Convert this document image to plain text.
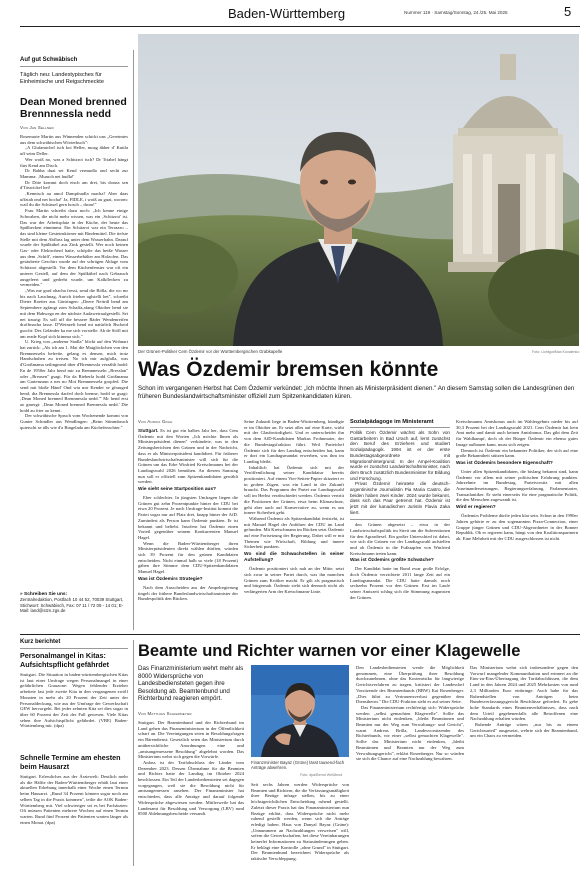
Baden-Württemberg	Nummer 119 · Samstag/Sonntag, 24./25. Mai 2025	5
Auf gut Schwäbisch
Täglich neu: Landestypisches für Einheimische und Reigschmeckte
Dean Moned brenned Brennnessla nedd
Von Jan Sellner

Rosemarie Martin aus Winnenden schickt uns „Gereimtes aus dem schwäbischen Wörterbuch":

„A Glufamichel isch koi Heller, moag äbber d' Kuttla uff seim Deller.

Wer woiß no, was a Schitzroi isch? Dr Triabel hängt fürs Kend am Disch.

Dr Babba duat sei Kend vermudla ond secht zur Mamma: ‚Muasch net hudla!'

Dr Döte kommt doch eisch am drei, bis doona sen d'Täswickel bei!

‚Kenntsch au amol Dampfnudla macha? Aber daas uffziah ond net bocha!' Ja, FIDLE, i woiß au guat, worom: wail du die Schüssel gern hosch – drom!"

Frau Martin schreibt dazu noch: „Ich kenne einige Schwaben, die nicht mehr wissen, was ein ‚Schitzroi' ist. Das war der Arbeitsplatz in der Küche, der heute das Spülbecken einnimmt. Ein Schitzroi war ein Terrazzo – das sind kleine Gesteinskörner mit Bindemittel. Die tiefste Stelle mit dem Abfluss lag unter dem Wasserhahn. Darauf wurde der Spülkübel aus Zink gestellt. Wer noch keinen Gas- oder Elektroherd hatte, schöpfte das heiße Wasser aus dem ‚Schiff', einem Wasserbehälter am Holzofen. Das gesäuberte Geschirr wurde auf der schrägen Ablage vom Schitzroi abgestellt. Vor dem Küchenfenster war oft ein unterer Gestell, auf dem der Spülkübel nach Gebrauch ausgeleert und gedreht wurde, um Kalkflecken zu vermeiden."

„Was me grad ohacha fresst, send die Bölla, die wo mr bis nach Lauchnag, Aurich frieher aglstellt het", schreibt Dieter Roetter aus Gärtringen: „Deere Neitriß bend am Septembere agfangt zom Schaffa,afang Oktober hend sie mit dem Habwega en der nächste Audaweiraufgestellt. Sei net traurig: Es soll uff die bessere Räder Wendenreifen droffmacha lasse. D'Weinzelt hend mi natürlich Bscheid gsocht: Des Geländer ka me sich vorstelle. Ab de Stöfl mit am reade Kopf sich kiimma sich."

U. Krieg von „andermr Stadla" blickt auf den Wohnart hat zurück: „Als ich am 1. Mai die Maiglöckchen von den Brennnesseln befreite, gelang es densen, mich trotz Handschuhen zu treisen. No ich mir aufgfalla, was d'Großmama seilingmeal über d'Brennessla verzählt hodd: En de 1950er Jahr hend mir zu Brennnesseln „Bresslan" oder „Breasen" gsagt. Für da Bieberla hodd Großmama am Gartenzaun a nes no Moi Brennnessela gropfed. Die send mit bloße Händ' Ond wia mir Kender se gfrauged hend, dia Brennessla darfed doch brenne, hodd se gsagt: ‚Dean Moned brenned Brennnessla nedd.'" Mr hend erst ao gmergt: ‚Dean Moned brenned Brennessla nedd.' Die hodd au frier ao kennt.

Der schwäbische Spruch vom Wochenende kommt von Gunter Schindler aus Wendlingen: „Beim Stimmbruch quietscht se älls wie d'a Ringelada am Küchefenschter."

» Schreiben Sie uns:
Zentralredaktion, Postfach 10 44 52, 70039 Stuttgart, Stichwort: Schwäbisch, Fax: 07 11 / 72 05 - 14 01; E-Mail: land@stzn.zgs.de
Der Grünen-Politiker Cem Özdemir vor der Württembergischen Grabkapelle	Foto: Lichtgut/Max Kovalenko
Was Özdemir bremsen könnte
Schon im vergangenen Herbst hat Cem Özdemir verkündet: „Ich möchte Ihnen als Ministerpräsident dienen." An diesem Samstag sollen die Landesgrünen den früheren Bundeslandwirtschaftsminister offiziell zum Spitzenkandidaten küren.
Von Annika Grah

Stuttgart. Es ist gut ein halbes Jahr her, dass Cem Özdemir mit den Worten „Ich möchte Ihnen als Ministerpräsident dienen" verkündete, was in den Zeitungsberichten den Grünen und in der Nachricht, dass er als Ministerpräsident kandidiert. Für früherer Bundeslandwirtschaftsminister will sich für die Grünen um das Erbe Winfried Kretschmanns bei der Landtagswahl 2026 bemühen. An diesem Samstag nun soll er offiziell zum Spitzenkandidaten gewählt werden.

Wie sieht seine Startposition aus?

Eher schlechter. In jüngsten Umfragen liegen die Grünen gut zehn Prozentpunkte hinter der CDU bei etwa 20 Prozent. Je nach Umfrage-Institut kommt die Partei sogar nur auf Platz drei, knapp hinter der AfD. Zumindest als Person kann Özdemir punkten. Er ist bekannt und beliebt. Insofern hat Özdemir einen Vorteil gegenüber seinem Konkurrenten Manuel Hagel.

Wenn die Baden-Württemberger ihren Ministerpräsidenten direkt wählen dürften, würden sich 39 Prozent für den grünen Kandidaten entscheiden. Nicht einmal halb so viele (18 Prozent) gäben ihre Stimme dem CDU-Spitzenkandidaten Manuel Hagel.

Was ist Özdemirs Strategie?

Nach dem Ausscheiden aus der Ampelregierung tingelt der frühere Bundeslandwirtschaftsminister der Bundespolitik den Rücken.

Seine Zukunft liege in Baden-Württemberg, kündigte er im Oktober an. Er setzt alles auf eine Karte, wirbt mit der Glaubwürdigkeit. Und er unterscheidet ihn von dem AfD-Kandidaten Markus Frohnmaier, der die Bundestagsfraktion führt. Weil Parteichef Özdemir sich für den Landtag entscheiden hat, kann er dort ein Landtagsmandat erwerben, was ihm im Landtag bleibt.

Inhaltlich hat Özdemir sich mit der Veröffentlichung seiner Kandidatur bereits positioniert. Auf einem Vier-Seiten-Papier skizziert er in groben Zügen, was ein Land in der Zukunft braucht. Das Programm der Partei zur Landtagswahl soll im Herbst verabschiedet werden. Özdemir vertritt die Positionen der Grünen, etwa beim Klimaschutz, geht aber auch auf Konservative zu, wenn es um innere Sicherheit geht.

Während Özdemir als Spitzenkandidat feststeht, ist mit Manuel Hagel der Anführer der CDU im Land gefunden. Mit Kretschmann im Rücken setzt Özdemir auf eine Fortsetzung der Regierung. Dabei will er mit Themen wie Wirtschaft, Bildung und innere Sicherheit punkten.

Wo sind die Schwachstellen in seiner Aufstellung?

Özdemir positioniert sich nah an der Mitte, setzt sich zwar in seiner Partei durch, was ihn manchen Grünen zum Kritiker macht. Er gilt als pragmatisch und bürgernah. Özdemir sieht sich dennoch nicht als verlängerten Arm der Kretschmann-Linie.

Sozialpädagoge im Ministeramt

Politik Cem Özdemir wächst als Sohn von Gastarbeitern in Bad Urach auf, lernt zunächst den Beruf des Erziehers und studiert Sozialpädagogik. 1994 ist er der erste Bundestagsabgeordnete mit Migrationshintergrund. In der Ampel-Koalition wurde er zunächst Landwirtschaftsminister, nach dem Bruch zusätzlich Bundesminister für Bildung und Forschung.

Privat Özdemir heiratete die deutsch-argentinische Journalistin Pia Maria Castro, die beiden haben zwei Kinder. 2024 wurde bekannt, dass sich das Paar getrennt hat. Özdemir ist jetzt mit der kanadischen Juristin Flavia Zaka liiert.

den Grünen abgesetzt – etwa in der Landwirtschaftspolitik im Streit um die Subventionen für den Agrardiesel. Ein großer Unterschied ist dabei, wie sich die Grünen vor der Landtagswahl aufstellen und ob Özdemir in die Fußstapfen von Winfried Kretschmann treten kann.

Was ist Özdemirs größte Schwäche?

Der Kandidat hatte im Bund zwar große Erfolge, doch Özdemir verzichtete 2011 lange Zeit auf ein Landtagsmandat. Die CDU hatte damals noch sechzehn Prozent vor den Grünen. Erst im Laufe seiner Amtszeit schlug sich die Stimmung zugunsten der Grünen.

Kretschmanns Amtsbonus auch im Wahlergebnis nieder bis auf 30,3 Prozent bei der Landtagswahl 2021. Cem Özdemir hat kein Amt mehr und damit auch keinen Amtsbonus. Das gibt dem Zeit für Wahlkampf, doch ob der Bürger Özdemir ein ebenso gutes Image aufbauen kann, muss sich zeigen.

Dennoch ist Özdemir ein bekannter Politiker, der sich auf eine große Bekanntheit stützen kann.

Was ist Özdemirs besondere Eigenschaft?

Unter allen Spitzenkandidaten, die bislang bekannt sind, kann Özdemir vor allem mit seiner politischen Erfahrung punkten. Jahrzehnte im Bundestag, Parteivorsitz mit allen Auseinandersetzungen, Regierungserfahrung, Parlamentarier, Transatlantiker. Er steht einerseits für eine pragmatische Politik, die den Menschen zugewandt ist.

Wird er regieren?

Özdemirs Probleme dürfte jeden klar sein. Schon in den 1990er Jahren gehörte er zu den sogenannten Pizza-Connection, einer Gruppe jünger Grünen und CDU-Abgeordneter in der Bonner Republik. Ob er regieren kann, hängt von den Koalitionspartnern ab. Eine Mehrheit mit der CDU ausgeschlossen ist nicht.

Kurz berichtet
Personalmangel in Kitas: Aufsichtspflicht gefährdet
Stuttgart. Die Situation in baden-württembergischen Kitas ist laut einer Umfrage wegen Personalmangel in einer gefährlichen Grauzone: Wegen fehlender Erzieher arbeitete fast jede zweite Kita in den vergangenen zwölf Monaten in mehr als 20 Prozent der Zeit unter der Personaldeckung, wie aus der Umfrage der Gewerkschaft GEW hervorgeht. Bei jeder zehnten Kita sei dies sogar in über 60 Prozent der Zeit der Fall gewesen. Viele Kitas sehen ihre Aufsichtspflicht gefährdet. (VBE) Baden-Württemberg mit. (dpa)
Schnelle Termine am ehesten beim Hausarzt
Stuttgart. Erfreuliches aus der Ärztewelt: Deutlich mehr als die Hälfte der Baden-Württemberger erhält laut einer aktuellen Erhebung innerhalb einer Woche einen Termin beim Hausarzt. „Rund 34 Prozent können sogar noch am selben Tag in die Praxis kommen", teilte die AOK Baden-Württemberg mit. Viel schwieriger sei es bei Fachärzten: Oft müssen Patienten mehrere Wochen auf einen Termin warten. Rund fünf Prozent der Patienten warten länger als einen Monat. (dpa)
Beamte und Richter warnen vor einer Klagewelle
Das Finanzministerium wehrt mehr als 8000 Widersprüche von Landesbediensteten gegen ihre Besoldung ab. Beamtenbund und Richterbund reagieren empört.
Von Matthias Schiermeyer
Finanzminister Bayaz (Grüne) lässt tausend-fach Anträge abwehren.
Foto: dpa/Bernd Weißbrod

Stuttgart. Der Beamtenbund und der Richterbund im Land gehen das Finanzministerium in der Öffentlichkeit scharf an. Die Vereinigungen seien in Besoldungsfragen ein Bärendienst: Gesetzlich seien das Ministerium durch unübersichtliche Anordnungen eine und „amtsangemessene Besoldung" abgelehnt worden. Das Ministerium wehrt sich gegen die Vorwürfe.

Anlass ist der Tarifabschluss der Länder vom Dezember 2023. Dessen Übernahme für die Beamten und Richter hatte der Landtag im Oktober 2024 beschlossen. Ein Teil der Landesbediensteten sei dagegen vorgegangen, weil sie die Besoldung nicht für amtsangemessen ansehen. Der Finanzminister hat entschieden, dass alle Anträge und darauf folgende Widersprüche abgewiesen werden. Mittlerweile hat das Landesamt für Besoldung und Versorgung (LBV) rund 8500 Ablehnungsbescheide versandt.

Seit sechs Jahren werden Widersprüche von Beamten und Richtern, die die Verfassungsmäßigkeit ihrer Bezüge infrage stellen, bis zu einer höchstgerichtlichen Entscheidung ruhend gestellt. Zuletzt dieser Praxis hat das Finanzministerium nun Bezüge erklärt, dass Widersprüche nicht mehr ruhend gestellt werden, wenn sich die Anträge erledigt haben. Haus von Danyal Bayaz (Grüne): „Unnummern an Nachzahlungen verweisen" will, sofern die Gewerkschaften, bei diese Vereinbarungen keinerlei Informationen zu Statusänderungen geben. Er beklagt eine Kontrolle „ohne Grund" in Stuttgart. Der Beamtenbund bezeichnet Widersprüche als taktische Verschleppung.

Den Landesbediensteten werde die Möglichkeit genommen, eine Überprüfung ihrer Besoldung durchzunehmen, ohne das Kostenrisiko für langwierige Gerichtsverfahren zu tragen, kritisiert der Landeschef Vorsitzende des Beamtenbunds (BBW) Kai Rosenberger. „Dies führt zu Vertrauensverlust gegenüber dem Dienstherrn." Die CDU-Fraktion sieht es auf seiner Seite.

Das Finanzministerium rechtfertigt sich: Widersprüche werden „selbst gemachten Klagewelle". Sollte das Ministerium nicht einlenken, „bleibt Beamtinnen und Beamten nur der Weg zum Verwaltungs- und Gericht", warnt Andreas Brilla, Landesvorsitzender des Richterbunds, vor einer „selbst gemachten Klagewelle". Sollte das Ministerium nicht einlenken, „bleibt Beamtinnen und Beamten nur der Weg zum Verwaltungsgericht", erklärt Rosenberger. Nur so würden sie sich die Chance auf eine Nachzahlung bewahren.

Das Ministerium wehrt sich insbesondere gegen den Vorwurf mangelnder Kommunikation und erinnert an die Eins-zu-Eins-Übertragung der Tarifabschlüssen, die dem Land in den Jahren 2024 und 2025 Mehrkosten von rund 2,3 Milliarden Euro einbringe. Auch habe für das Ruhendstellen von Anträgen beim Bundesverfassungsgericht Beschlüsse gefordert. Es gebe hohe Standards eines Beamtenverhältnisses, dass nach dem Urteil gegebenenfalls alle Betroffenen eine Nachzahlung erhalten würden.

Ruhende Anträge wären „nur bis zu einem Gerichtsurteil" ausgesetzt, wehrte sich der Beamtenbund, um ein Chaos zu vermeiden.
